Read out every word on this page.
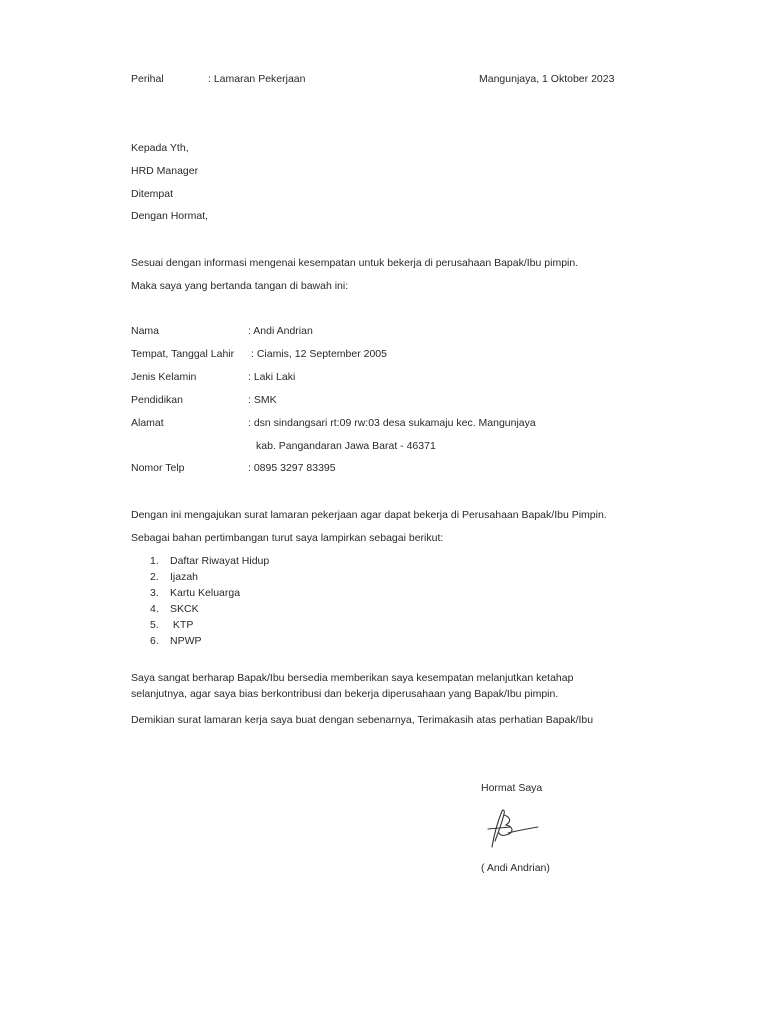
Perihal	: Lamaran Pekerjaan	Mangunjaya, 1 Oktober 2023
Kepada Yth,
HRD Manager
Ditempat
Dengan Hormat,
Sesuai dengan informasi mengenai kesempatan untuk bekerja di perusahaan Bapak/Ibu pimpin.
Maka saya yang bertanda tangan di bawah ini:
Nama	: Andi Andrian
Tempat, Tanggal Lahir : Ciamis, 12 September 2005
Jenis Kelamin	: Laki Laki
Pendidikan	: SMK
Alamat	: dsn sindangsari rt:09 rw:03 desa sukamaju kec. Mangunjaya
kab. Pangandaran Jawa Barat - 46371
Nomor Telp	: 0895 3297 83395
Dengan ini mengajukan surat lamaran pekerjaan agar dapat bekerja di Perusahaan Bapak/Ibu Pimpin.
Sebagai bahan pertimbangan turut saya lampirkan sebagai berikut:
1. Daftar Riwayat Hidup
2. Ijazah
3. Kartu Keluarga
4. SKCK
5. KTP
6. NPWP
Saya sangat berharap Bapak/Ibu bersedia memberikan saya kesempatan melanjutkan ketahap selanjutnya, agar saya bias berkontribusi dan bekerja diperusahaan yang Bapak/Ibu pimpin.
Demikian surat lamaran kerja saya buat dengan sebenarnya, Terimakasih atas perhatian Bapak/Ibu
Hormat Saya
( Andi Andrian)
